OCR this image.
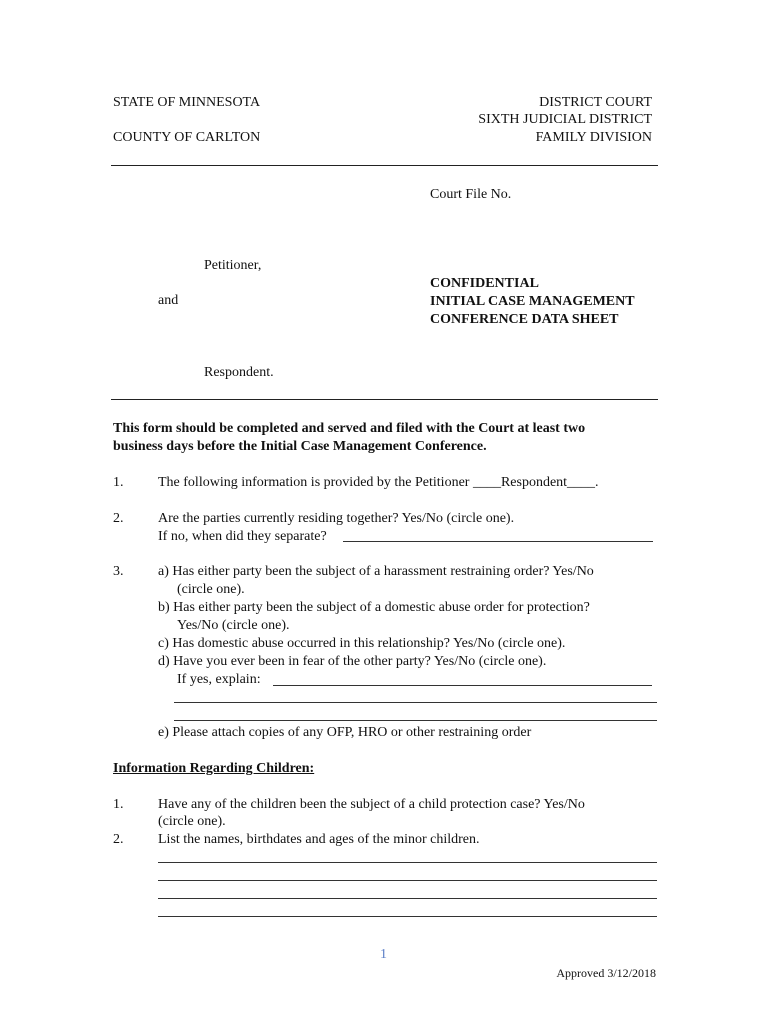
STATE OF MINNESOTA
COUNTY OF CARLTON
DISTRICT COURT
SIXTH JUDICIAL DISTRICT
FAMILY DIVISION
Court File No.
Petitioner,
and
Respondent.
CONFIDENTIAL
INITIAL CASE MANAGEMENT
CONFERENCE DATA SHEET
This form should be completed and served and filed with the Court at least two
business days before the Initial Case Management Conference.
1. The following information is provided by the Petitioner ____Respondent____.
2. Are the parties currently residing together? Yes/No (circle one).
If no, when did they separate?
3. a) Has either party been the subject of a harassment restraining order? Yes/No
(circle one).
b) Has either party been the subject of a domestic abuse order for protection?
Yes/No (circle one).
c) Has domestic abuse occurred in this relationship? Yes/No (circle one).
d) Have you ever been in fear of the other party? Yes/No (circle one).
If yes, explain:
e) Please attach copies of any OFP, HRO or other restraining order
Information Regarding Children:
1. Have any of the children been the subject of a child protection case? Yes/No
(circle one).
2. List the names, birthdates and ages of the minor children.
1
Approved 3/12/2018
